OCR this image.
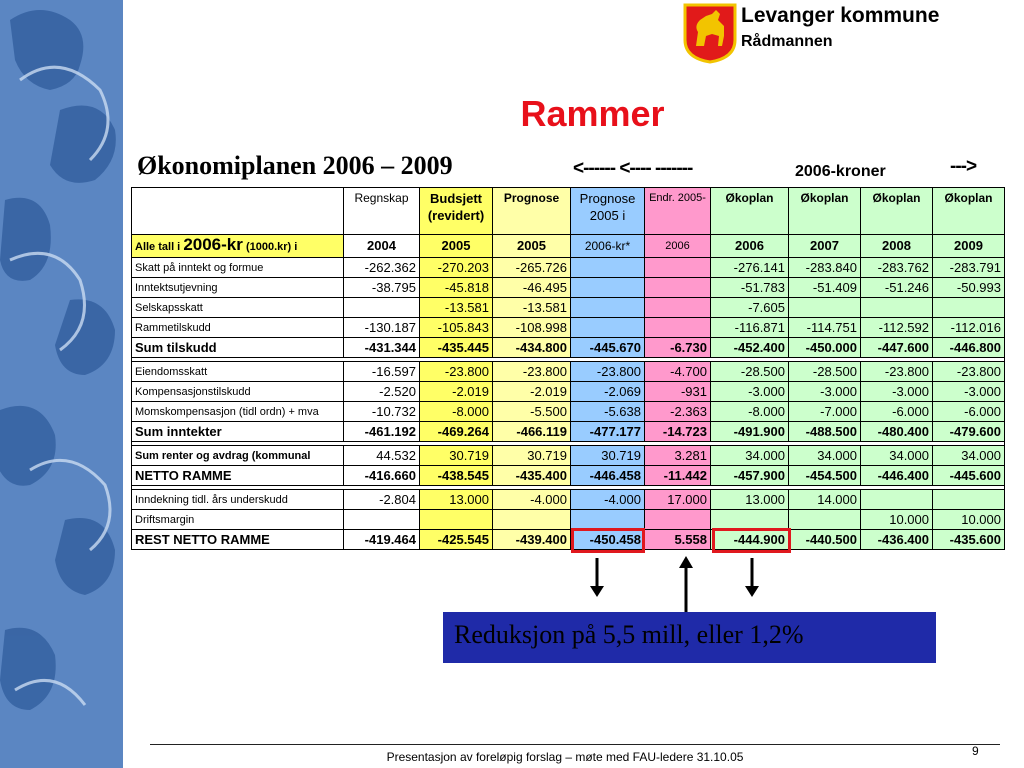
Levanger kommune
Rådmannen
Rammer
Økonomiplanen 2006 – 2009	<------ <---- -------	2006-kroner	--->
	Regnskap	Budsjett (revidert)	Prognose	Prognose 2005 i	Endr. 2005-	Økoplan	Økoplan	Økoplan	Økoplan
Alle tall i 2006-kr (1000.kr) i	2004	2005	2005	2006-kr*	2006	2006	2007	2008	2009
Skatt på inntekt og formue	-262.362	-270.203	-265.726			-276.141	-283.840	-283.762	-283.791
Inntektsutjevning	-38.795	-45.818	-46.495			-51.783	-51.409	-51.246	-50.993
Selskapsskatt		-13.581	-13.581			-7.605			
Rammetilskudd	-130.187	-105.843	-108.998			-116.871	-114.751	-112.592	-112.016
Sum tilskudd	-431.344	-435.445	-434.800	-445.670	-6.730	-452.400	-450.000	-447.600	-446.800

Eiendomsskatt	-16.597	-23.800	-23.800	-23.800	-4.700	-28.500	-28.500	-23.800	-23.800
Kompensasjonstilskudd	-2.520	-2.019	-2.019	-2.069	-931	-3.000	-3.000	-3.000	-3.000
Momskompensasjon (tidl ordn) + mva	-10.732	-8.000	-5.500	-5.638	-2.363	-8.000	-7.000	-6.000	-6.000
Sum inntekter	-461.192	-469.264	-466.119	-477.177	-14.723	-491.900	-488.500	-480.400	-479.600

Sum renter og avdrag (kommunal	44.532	30.719	30.719	30.719	3.281	34.000	34.000	34.000	34.000
NETTO RAMME	-416.660	-438.545	-435.400	-446.458	-11.442	-457.900	-454.500	-446.400	-445.600

Inndekning tidl. års underskudd	-2.804	13.000	-4.000	-4.000	17.000	13.000	14.000		
Driftsmargin								10.000	10.000
REST NETTO RAMME	-419.464	-425.545	-439.400	-450.458	5.558	-444.900	-440.500	-436.400	-435.600
Reduksjon på 5,5 mill, eller 1,2%
Presentasjon av foreløpig forslag – møte med FAU-ledere 31.10.05	9
